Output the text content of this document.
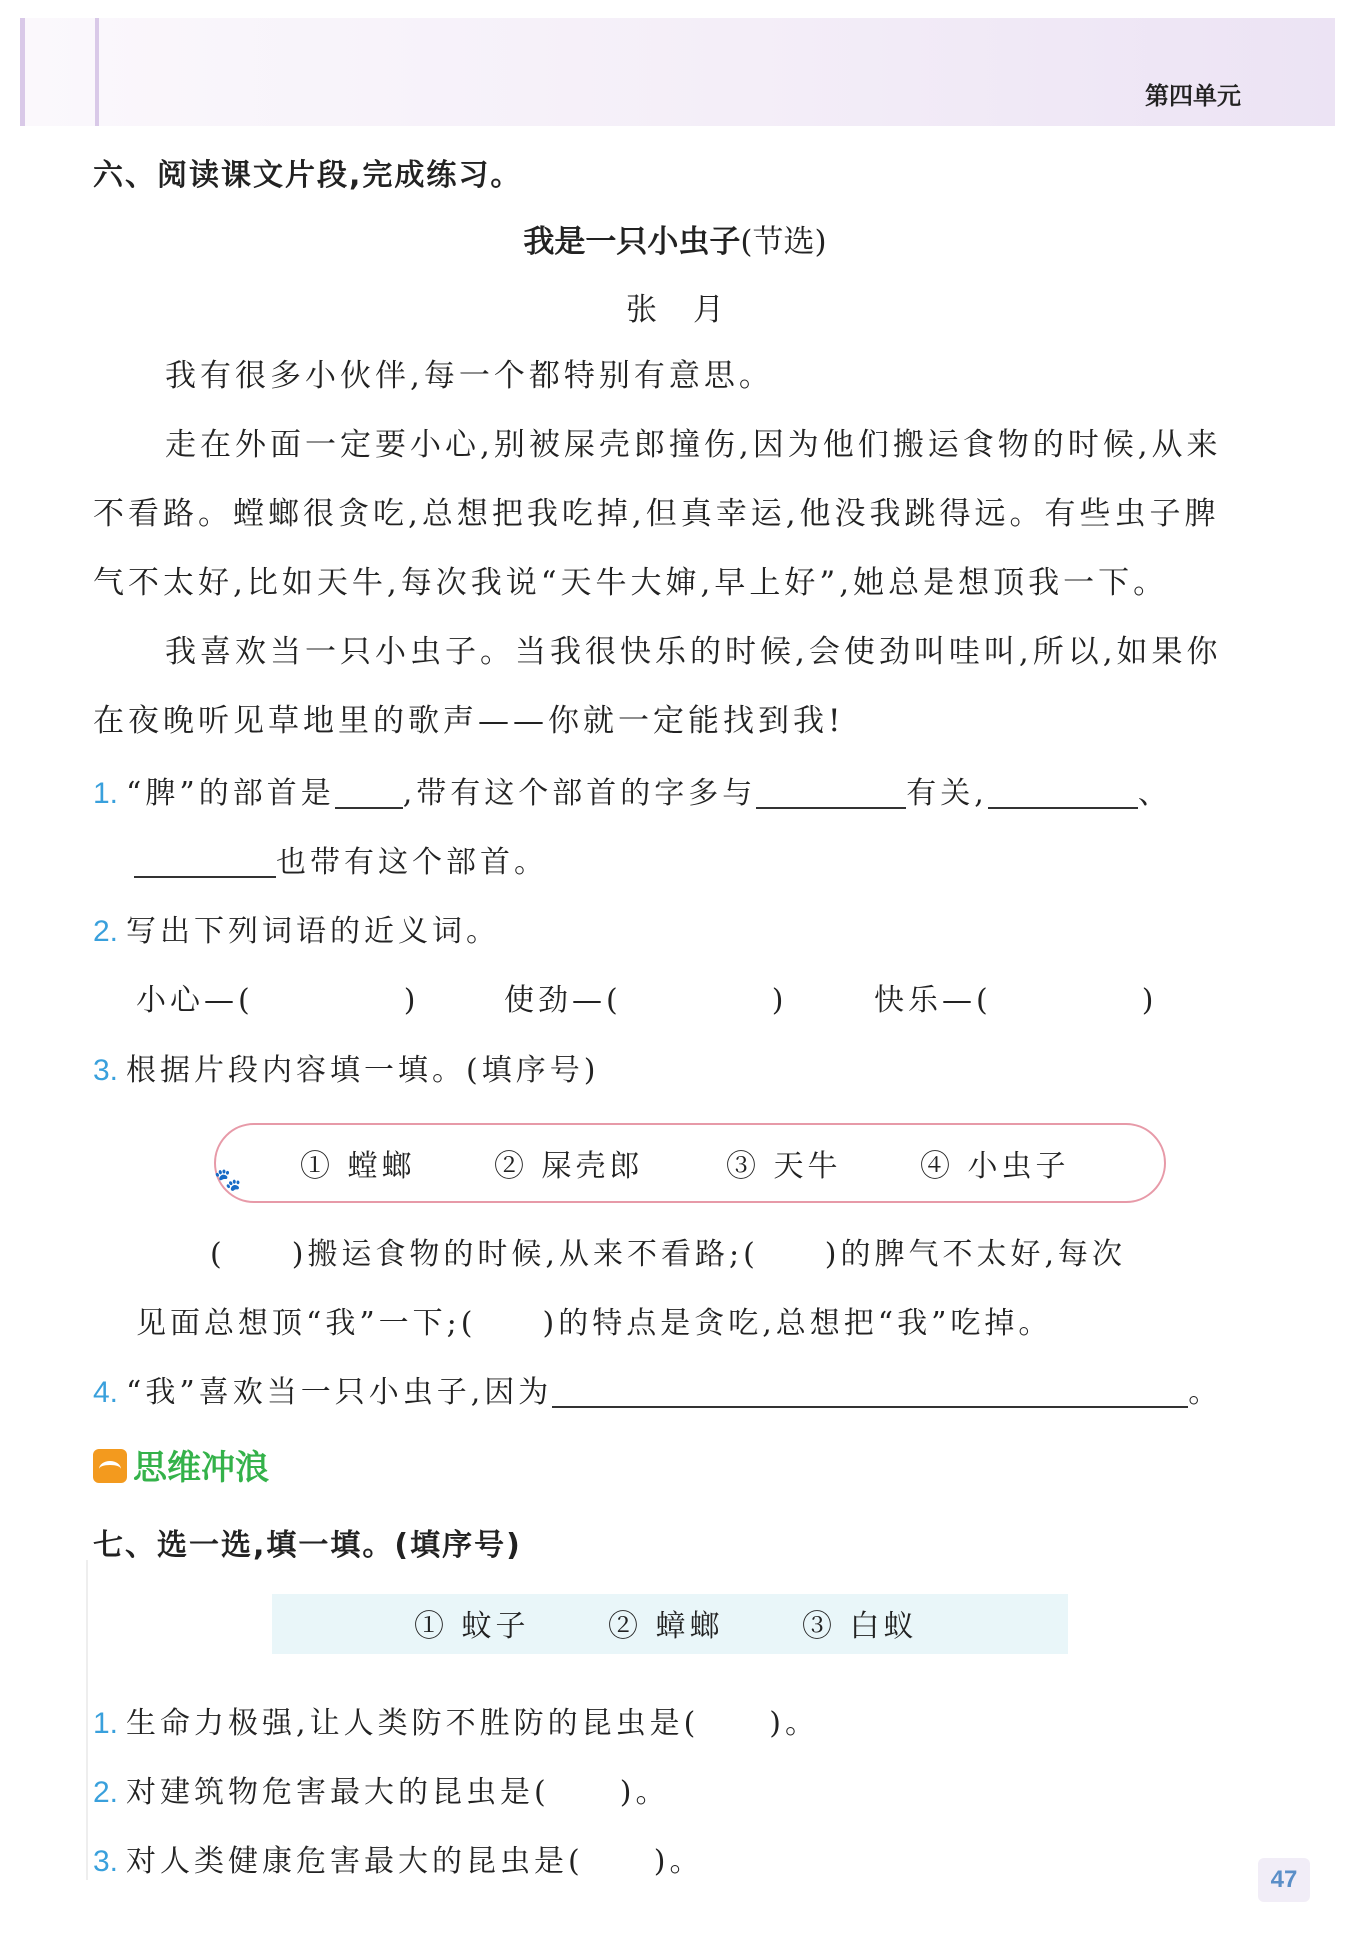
第四单元
六、阅读课文片段,完成练习。
我是一只小虫子(节选)
张月
我有很多小伙伴,每一个都特别有意思。
走在外面一定要小心,别被屎壳郎撞伤,因为他们搬运食物的时候,从来不看路。螳螂很贪吃,总想把我吃掉,但真幸运,他没我跳得远。有些虫子脾气不太好,比如天牛,每次我说“天牛大婶,早上好”,她总是想顶我一下。
我喜欢当一只小虫子。当我很快乐的时候,会使劲叫哇叫,所以,如果你在夜晚听见草地里的歌声——你就一定能找到我!
1. “脾”的部首是 ,带有这个部首的字多与	有关,	、
也带有这个部首。
2. 写出下列词语的近义词。
小心—(	)	使劲—(	)	快乐—(	)
3. 根据片段内容填一填。(填序号)
🐾 ① 螳螂	② 屎壳郎	③ 天牛	④ 小虫子
( )搬运食物的时候,从来不看路;( )的脾气不太好,每次
见面总想顶“我”一下;( )的特点是贪吃,总想把“我”吃掉。
4. “我”喜欢当一只小虫子,因为	。
思维冲浪
七、选一选,填一填。(填序号)
① 蚊子	② 蟑螂	③ 白蚁
1. 生命力极强,让人类防不胜防的昆虫是( )。
2. 对建筑物危害最大的昆虫是( )。
3. 对人类健康危害最大的昆虫是( )。
47
